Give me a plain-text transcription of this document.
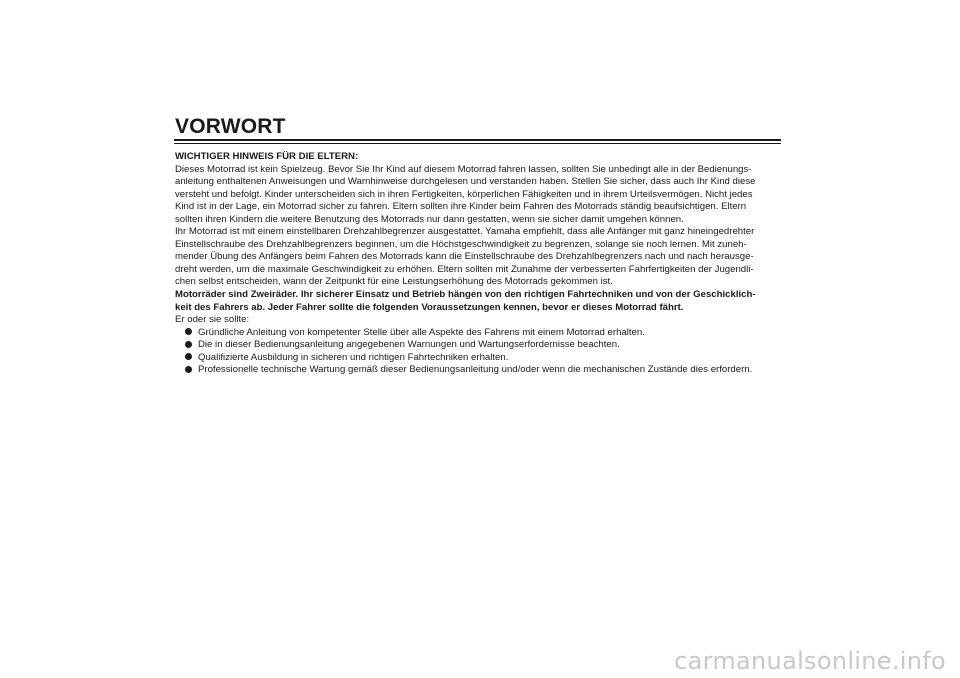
VORWORT
WICHTIGER HINWEIS FÜR DIE ELTERN:
Dieses Motorrad ist kein Spielzeug. Bevor Sie Ihr Kind auf diesem Motorrad fahren lassen, sollten Sie unbedingt alle in der Bedienungs-
anleitung enthaltenen Anweisungen und Warnhinweise durchgelesen und verstanden haben. Stellen Sie sicher, dass auch Ihr Kind diese
versteht und befolgt. Kinder unterscheiden sich in ihren Fertigkeiten, körperlichen Fähigkeiten und in ihrem Urteilsvermögen. Nicht jedes
Kind ist in der Lage, ein Motorrad sicher zu fahren. Eltern sollten ihre Kinder beim Fahren des Motorrads ständig beaufsichtigen. Eltern
sollten ihren Kindern die weitere Benutzung des Motorrads nur dann gestatten, wenn sie sicher damit umgehen können.
Ihr Motorrad ist mit einem einstellbaren Drehzahlbegrenzer ausgestattet. Yamaha empfiehlt, dass alle Anfänger mit ganz hineingedrehter
Einstellschraube des Drehzahlbegrenzers beginnen, um die Höchstgeschwindigkeit zu begrenzen, solange sie noch lernen. Mit zuneh-
mender Übung des Anfängers beim Fahren des Motorrads kann die Einstellschraube des Drehzahlbegrenzers nach und nach herausge-
dreht werden, um die maximale Geschwindigkeit zu erhöhen. Eltern sollten mit Zunahme der verbesserten Fahrfertigkeiten der Jugendli-
chen selbst entscheiden, wann der Zeitpunkt für eine Leistungserhöhung des Motorrads gekommen ist.
Motorräder sind Zweiräder. Ihr sicherer Einsatz und Betrieb hängen von den richtigen Fahrtechniken und von der Geschicklich-
keit des Fahrers ab. Jeder Fahrer sollte die folgenden Voraussetzungen kennen, bevor er dieses Motorrad fährt.
Er oder sie sollte:
Gründliche Anleitung von kompetenter Stelle über alle Aspekte des Fahrens mit einem Motorrad erhalten.
Die in dieser Bedienungsanleitung angegebenen Warnungen und Wartungserfordernisse beachten.
Qualifizierte Ausbildung in sicheren und richtigen Fahrtechniken erhalten.
Professionelle technische Wartung gemäß dieser Bedienungsanleitung und/oder wenn die mechanischen Zustände dies erfordern.
carmanualsonline.info
